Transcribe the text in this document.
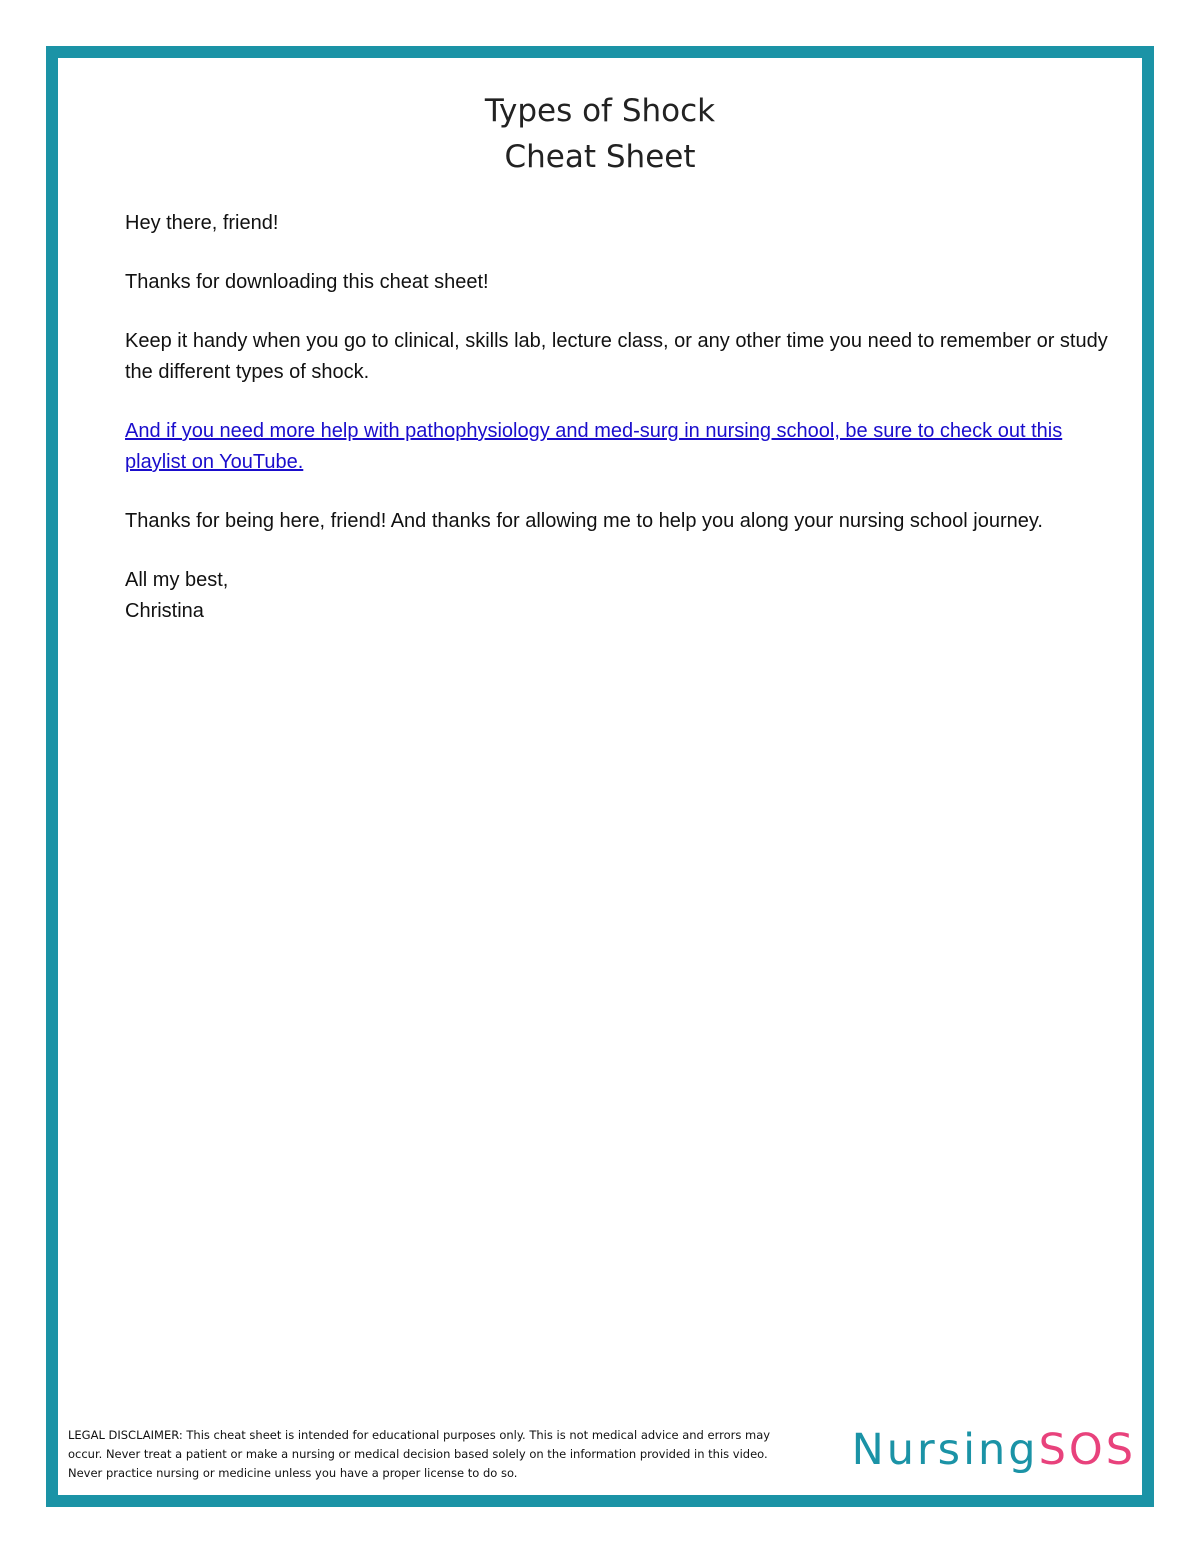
Types of Shock
Cheat Sheet

Hey there, friend!

Thanks for downloading this cheat sheet!

Keep it handy when you go to clinical, skills lab, lecture class, or any other time you need to remember or study the different types of shock.

And if you need more help with pathophysiology and med-surg in nursing school, be sure to check out this playlist on YouTube.

Thanks for being here, friend! And thanks for allowing me to help you along your nursing school journey.

All my best,
Christina

LEGAL DISCLAIMER: This cheat sheet is intended for educational purposes only. This is not medical advice and errors may occur. Never treat a patient or make a nursing or medical decision based solely on the information provided in this video. Never practice nursing or medicine unless you have a proper license to do so.	NursingSOS
